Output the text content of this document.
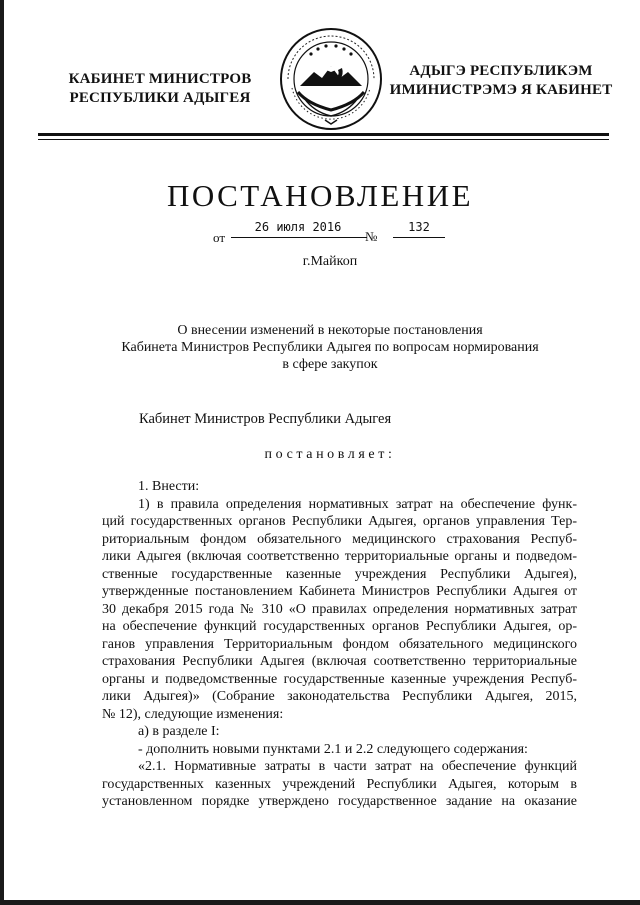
КАБИНЕТ МИНИСТРОВ
РЕСПУБЛИКИ АДЫГЕЯ
АДЫГЭ РЕСПУБЛИКЭМ
ИМИНИСТРЭМЭ Я КАБИНЕТ
ПОСТАНОВЛЕНИЕ
от
26 июля 2016
№
132
г.Майкоп
О внесении изменений в некоторые постановления
Кабинета Министров Республики Адыгея по вопросам нормирования
в сфере закупок
Кабинет Министров Республики Адыгея
постановляет:
1. Внести:
1) в правила определения нормативных затрат на обеспечение функ-
ций государственных органов Республики Адыгея, органов управления Тер-
риториальным фондом обязательного медицинского страхования Респуб-
лики Адыгея (включая соответственно территориальные органы и подведом-
ственные государственные казенные учреждения Республики Адыгея),
утвержденные постановлением Кабинета Министров Республики Адыгея от
30 декабря 2015 года № 310 «О правилах определения нормативных затрат
на обеспечение функций государственных органов Республики Адыгея, ор-
ганов управления Территориальным фондом обязательного медицинского
страхования Республики Адыгея (включая соответственно территориальные
органы и подведомственные государственные казенные учреждения Респуб-
лики Адыгея)» (Собрание законодательства Республики Адыгея, 2015,
№ 12), следующие изменения:
а) в разделе I:
- дополнить новыми пунктами 2.1 и 2.2 следующего содержания:
«2.1. Нормативные затраты в части затрат на обеспечение функций
государственных казенных учреждений Республики Адыгея, которым в
установленном порядке утверждено государственное задание на оказание
